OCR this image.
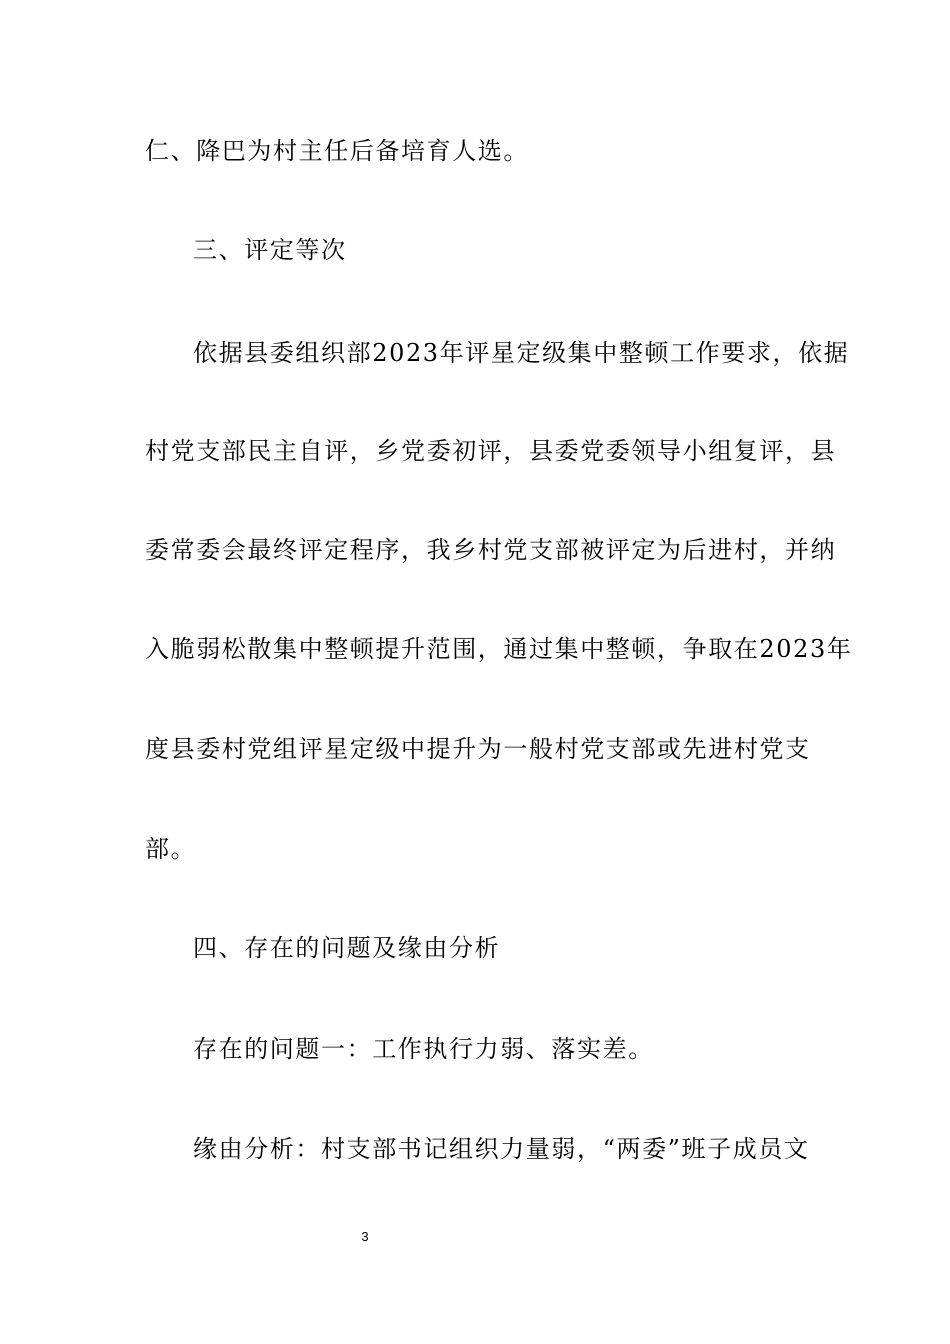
仁、降巴为村主任后备培育人选。
三、评定等次
依据县委组织部2023年评星定级集中整顿工作要求，依据
村党支部民主自评，乡党委初评，县委党委领导小组复评，县
委常委会最终评定程序，我乡村党支部被评定为后进村，并纳
入脆弱松散集中整顿提升范围，通过集中整顿，争取在2023年
度县委村党组评星定级中提升为一般村党支部或先进村党支
部。
四、存在的问题及缘由分析
存在的问题一：工作执行力弱、落实差。
缘由分析：村支部书记组织力量弱，“两委”班子成员文
3
